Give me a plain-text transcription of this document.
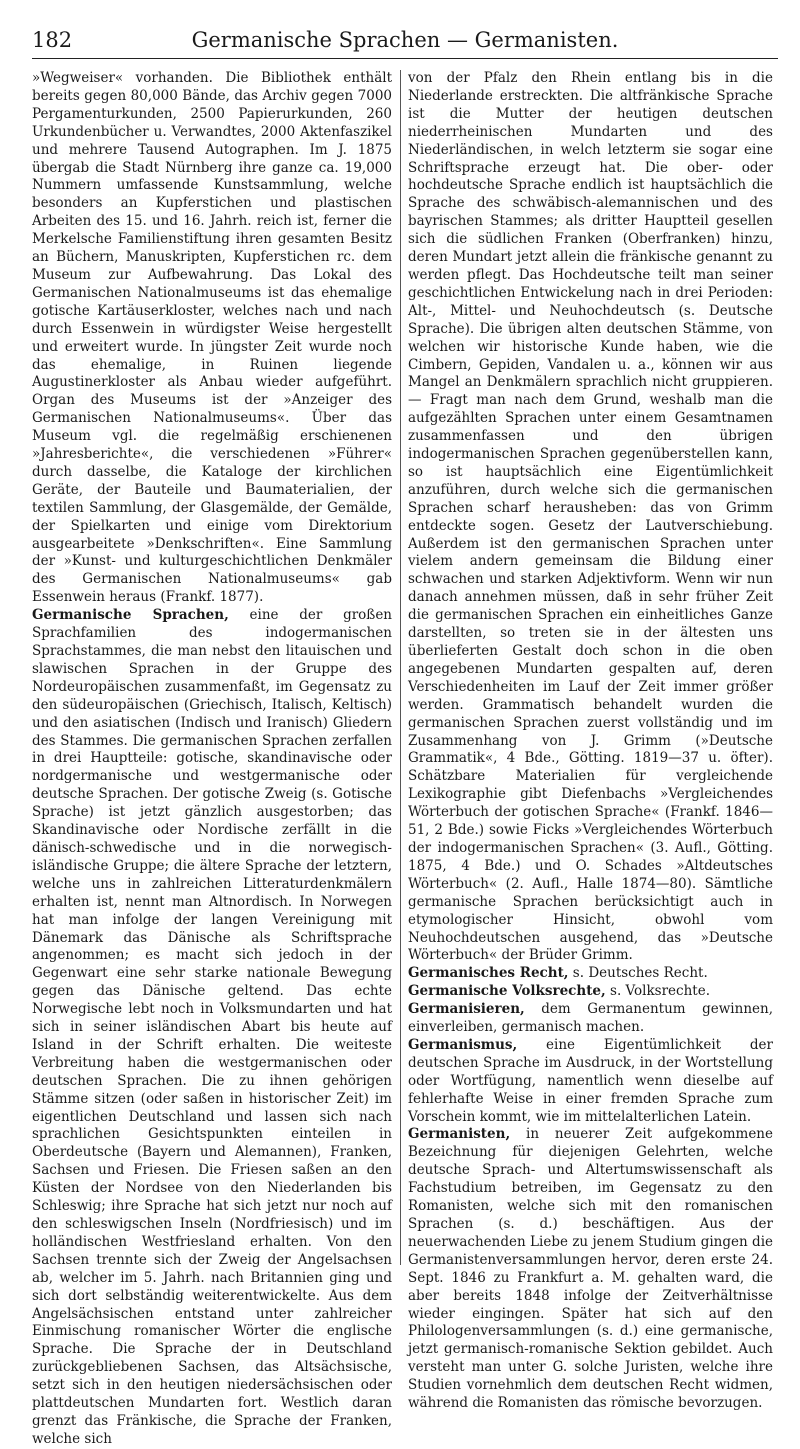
182	Germanische Sprachen — Germanisten.

»Wegweiser« vorhanden. Die Bibliothek enthält bereits gegen 80,000 Bände, das Archiv gegen 7000 Pergamenturkunden, 2500 Papierurkunden, 260 Urkundenbücher u. Verwandtes, 2000 Aktenfaszikel und mehrere Tausend Autographen. Im J. 1875 übergab die Stadt Nürnberg ihre ganze ca. 19,000 Nummern umfassende Kunstsammlung, welche besonders an Kupferstichen und plastischen Arbeiten des 15. und 16. Jahrh. reich ist, ferner die Merkelsche Familienstiftung ihren gesamten Besitz an Büchern, Manuskripten, Kupferstichen rc. dem Museum zur Aufbewahrung. Das Lokal des Germanischen Nationalmuseums ist das ehemalige gotische Kartäuserkloster, welches nach und nach durch Essenwein in würdigster Weise hergestellt und erweitert wurde. In jüngster Zeit wurde noch das ehemalige, in Ruinen liegende Augustinerkloster als Anbau wieder aufgeführt. Organ des Museums ist der »Anzeiger des Germanischen Nationalmuseums«. Über das Museum vgl. die regelmäßig erschienenen »Jahresberichte«, die verschiedenen »Führer« durch dasselbe, die Kataloge der kirchlichen Geräte, der Bauteile und Baumaterialien, der textilen Sammlung, der Glasgemälde, der Gemälde, der Spielkarten und einige vom Direktorium ausgearbeitete »Denkschriften«. Eine Sammlung der »Kunst- und kulturgeschichtlichen Denkmäler des Germanischen Nationalmuseums« gab Essenwein heraus (Frankf. 1877).

Germanische Sprachen, eine der großen Sprachfamilien des indogermanischen Sprachstammes, die man nebst den litauischen und slawischen Sprachen in der Gruppe des Nordeuropäischen zusammenfaßt, im Gegensatz zu den südeuropäischen (Griechisch, Italisch, Keltisch) und den asiatischen (Indisch und Iranisch) Gliedern des Stammes. Die germanischen Sprachen zerfallen in drei Hauptteile: gotische, skandinavische oder nordgermanische und westgermanische oder deutsche Sprachen. Der gotische Zweig (s. Gotische Sprache) ist jetzt gänzlich ausgestorben; das Skandinavische oder Nordische zerfällt in die dänisch-schwedische und in die norwegisch-isländische Gruppe; die ältere Sprache der letztern, welche uns in zahlreichen Litteraturdenkmälern erhalten ist, nennt man Altnordisch. In Norwegen hat man infolge der langen Vereinigung mit Dänemark das Dänische als Schriftsprache angenommen; es macht sich jedoch in der Gegenwart eine sehr starke nationale Bewegung gegen das Dänische geltend. Das echte Norwegische lebt noch in Volksmundarten und hat sich in seiner isländischen Abart bis heute auf Island in der Schrift erhalten. Die weiteste Verbreitung haben die westgermanischen oder deutschen Sprachen. Die zu ihnen gehörigen Stämme sitzen (oder saßen in historischer Zeit) im eigentlichen Deutschland und lassen sich nach sprachlichen Gesichtspunkten einteilen in Oberdeutsche (Bayern und Alemannen), Franken, Sachsen und Friesen. Die Friesen saßen an den Küsten der Nordsee von den Niederlanden bis Schleswig; ihre Sprache hat sich jetzt nur noch auf den schleswigschen Inseln (Nordfriesisch) und im holländischen Westfriesland erhalten. Von den Sachsen trennte sich der Zweig der Angelsachsen ab, welcher im 5. Jahrh. nach Britannien ging und sich dort selbständig weiterentwickelte. Aus dem Angelsächsischen entstand unter zahlreicher Einmischung romanischer Wörter die englische Sprache. Die Sprache der in Deutschland zurückgebliebenen Sachsen, das Altsächsische, setzt sich in den heutigen niedersächsischen oder plattdeutschen Mundarten fort. Westlich daran grenzt das Fränkische, die Sprache der Franken, welche sich

von der Pfalz den Rhein entlang bis in die Niederlande erstreckten. Die altfränkische Sprache ist die Mutter der heutigen deutschen niederrheinischen Mundarten und des Niederländischen, in welch letzterm sie sogar eine Schriftsprache erzeugt hat. Die ober- oder hochdeutsche Sprache endlich ist hauptsächlich die Sprache des schwäbisch-alemannischen und des bayrischen Stammes; als dritter Hauptteil gesellen sich die südlichen Franken (Oberfranken) hinzu, deren Mundart jetzt allein die fränkische genannt zu werden pflegt. Das Hochdeutsche teilt man seiner geschichtlichen Entwickelung nach in drei Perioden: Alt-, Mittel- und Neuhochdeutsch (s. Deutsche Sprache). Die übrigen alten deutschen Stämme, von welchen wir historische Kunde haben, wie die Cimbern, Gepiden, Vandalen u. a., können wir aus Mangel an Denkmälern sprachlich nicht gruppieren. — Fragt man nach dem Grund, weshalb man die aufgezählten Sprachen unter einem Gesamtnamen zusammenfassen und den übrigen indogermanischen Sprachen gegenüberstellen kann, so ist hauptsächlich eine Eigentümlichkeit anzuführen, durch welche sich die germanischen Sprachen scharf herausheben: das von Grimm entdeckte sogen. Gesetz der Lautverschiebung. Außerdem ist den germanischen Sprachen unter vielem andern gemeinsam die Bildung einer schwachen und starken Adjektivform. Wenn wir nun danach annehmen müssen, daß in sehr früher Zeit die germanischen Sprachen ein einheitliches Ganze darstellten, so treten sie in der ältesten uns überlieferten Gestalt doch schon in die oben angegebenen Mundarten gespalten auf, deren Verschiedenheiten im Lauf der Zeit immer größer werden. Grammatisch behandelt wurden die germanischen Sprachen zuerst vollständig und im Zusammenhang von J. Grimm (»Deutsche Grammatik«, 4 Bde., Götting. 1819—37 u. öfter). Schätzbare Materialien für vergleichende Lexikographie gibt Diefenbachs »Vergleichendes Wörterbuch der gotischen Sprache« (Frankf. 1846—51, 2 Bde.) sowie Ficks »Vergleichendes Wörterbuch der indogermanischen Sprachen« (3. Aufl., Götting. 1875, 4 Bde.) und O. Schades »Altdeutsches Wörterbuch« (2. Aufl., Halle 1874—80). Sämtliche germanische Sprachen berücksichtigt auch in etymologischer Hinsicht, obwohl vom Neuhochdeutschen ausgehend, das »Deutsche Wörterbuch« der Brüder Grimm.

Germanisches Recht, s. Deutsches Recht.

Germanische Volksrechte, s. Volksrechte.

Germanisieren, dem Germanentum gewinnen, einverleiben, germanisch machen.

Germanismus, eine Eigentümlichkeit der deutschen Sprache im Ausdruck, in der Wortstellung oder Wortfügung, namentlich wenn dieselbe auf fehlerhafte Weise in einer fremden Sprache zum Vorschein kommt, wie im mittelalterlichen Latein.

Germanisten, in neuerer Zeit aufgekommene Bezeichnung für diejenigen Gelehrten, welche deutsche Sprach- und Altertumswissenschaft als Fachstudium betreiben, im Gegensatz zu den Romanisten, welche sich mit den romanischen Sprachen (s. d.) beschäftigen. Aus der neuerwachenden Liebe zu jenem Studium gingen die Germanistenversammlungen hervor, deren erste 24. Sept. 1846 zu Frankfurt a. M. gehalten ward, die aber bereits 1848 infolge der Zeitverhältnisse wieder eingingen. Später hat sich auf den Philologenversammlungen (s. d.) eine germanische, jetzt germanisch-romanische Sektion gebildet. Auch versteht man unter G. solche Juristen, welche ihre Studien vornehmlich dem deutschen Recht widmen, während die Romanisten das römische bevorzugen.
